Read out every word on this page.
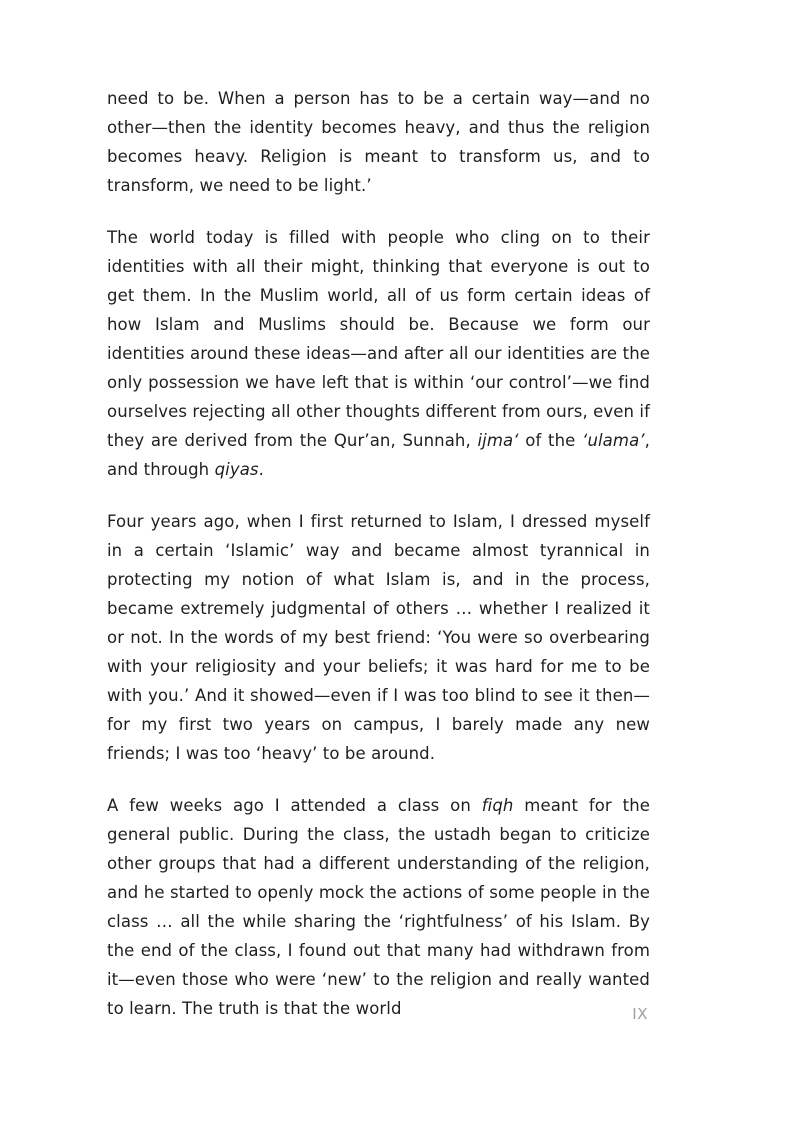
need to be. When a person has to be a certain way—and no other—then the identity becomes heavy, and thus the religion becomes heavy. Religion is meant to transform us, and to transform, we need to be light.’

The world today is filled with people who cling on to their identities with all their might, thinking that everyone is out to get them. In the Muslim world, all of us form certain ideas of how Islam and Muslims should be. Because we form our identities around these ideas—and after all our identities are the only possession we have left that is within ‘our control’—we find ourselves rejecting all other thoughts different from ours, even if they are derived from the Qur’an, Sunnah, ijma‘ of the ‘ulama’, and through qiyas.

Four years ago, when I first returned to Islam, I dressed myself in a certain ‘Islamic’ way and became almost tyrannical in protecting my notion of what Islam is, and in the process, became extremely judgmental of others … whether I realized it or not. In the words of my best friend: ‘You were so overbearing with your religiosity and your beliefs; it was hard for me to be with you.’ And it showed—even if I was too blind to see it then—for my first two years on campus, I barely made any new friends; I was too ‘heavy’ to be around.

A few weeks ago I attended a class on fiqh meant for the general public. During the class, the ustadh began to criticize other groups that had a different understanding of the religion, and he started to openly mock the actions of some people in the class … all the while sharing the ‘rightfulness’ of his Islam. By the end of the class, I found out that many had withdrawn from it—even those who were ‘new’ to the religion and really wanted to learn. The truth is that the world	IX
